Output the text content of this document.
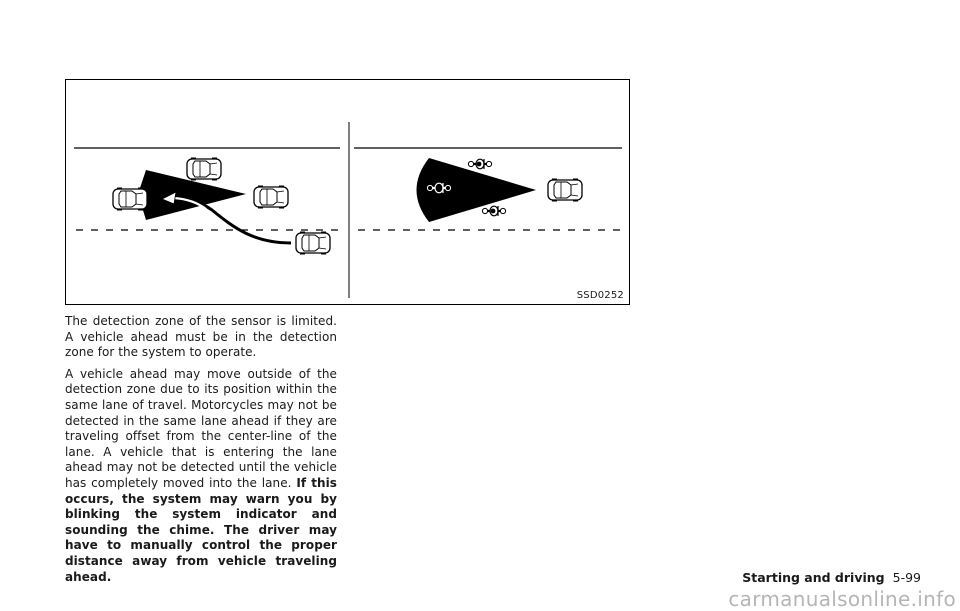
SSD0252

The detection zone of the sensor is limited. A vehicle ahead must be in the detection zone for the system to operate.

A vehicle ahead may move outside of the detection zone due to its position within the same lane of travel. Motorcycles may not be detected in the same lane ahead if they are traveling offset from the center-line of the lane. A vehicle that is entering the lane ahead may not be detected until the vehicle has completely moved into the lane. If this occurs, the system may warn you by blinking the system indicator and sounding the chime. The driver may have to manually control the proper distance away from vehicle traveling ahead.	Starting and driving 5-99
carmanualsonline.info
